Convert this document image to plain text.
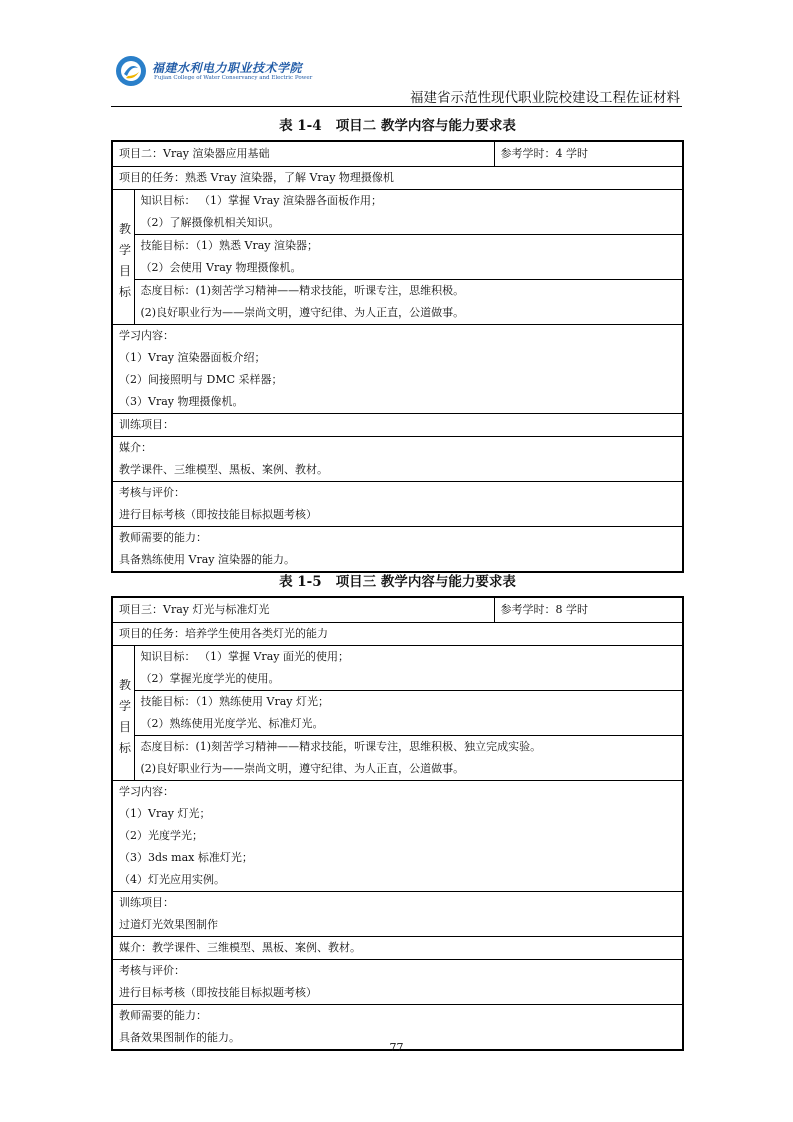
福建水利电力职业技术学院
Fujian College of Water Conservancy and Electric Power
福建省示范性现代职业院校建设工程佐证材料
表 1-4 项目二 教学内容与能力要求表
项目二：Vray 渲染器应用基础		参考学时：4 学时
项目的任务：熟悉 Vray 渲染器，了解 Vray 物理摄像机		

教
学
目
标	知识目标： （1）掌握 Vray 渲染器各面板作用；
（2）了解摄像机相关知识。	

	技能目标：（1）熟悉 Vray 渲染器；
（2）会使用 Vray 物理摄像机。	

	态度目标：(1)刻苦学习精神——精求技能，听课专注，思维积极。
(2)良好职业行为——崇尚文明，遵守纪律、为人正直，公道做事。	

学习内容：
（1）Vray 渲染器面板介绍；
（2）间接照明与 DMC 采样器；
（3）Vray 物理摄像机。		

训练项目：		

媒介：
教学课件、三维模型、黑板、案例、教材。		

考核与评价：
进行目标考核（即按技能目标拟题考核）		

教师需要的能力：
具备熟练使用 Vray 渲染器的能力。		
表 1-5 项目三 教学内容与能力要求表
项目三：Vray 灯光与标准灯光		参考学时：8 学时
项目的任务：培养学生使用各类灯光的能力		

教
学
目
标	知识目标： （1）掌握 Vray 面光的使用；
（2）掌握光度学光的使用。	

	技能目标：（1）熟练使用 Vray 灯光；
（2）熟练使用光度学光、标准灯光。	

	态度目标：(1)刻苦学习精神——精求技能，听课专注，思维积极、独立完成实验。
(2)良好职业行为——崇尚文明，遵守纪律、为人正直，公道做事。	

学习内容：
（1）Vray 灯光；
（2）光度学光；
（3）3ds max 标准灯光；
（4）灯光应用实例。		

训练项目：
过道灯光效果图制作		

媒介：教学课件、三维模型、黑板、案例、教材。		

考核与评价：
进行目标考核（即按技能目标拟题考核）		

教师需要的能力：
具备效果图制作的能力。		
77
